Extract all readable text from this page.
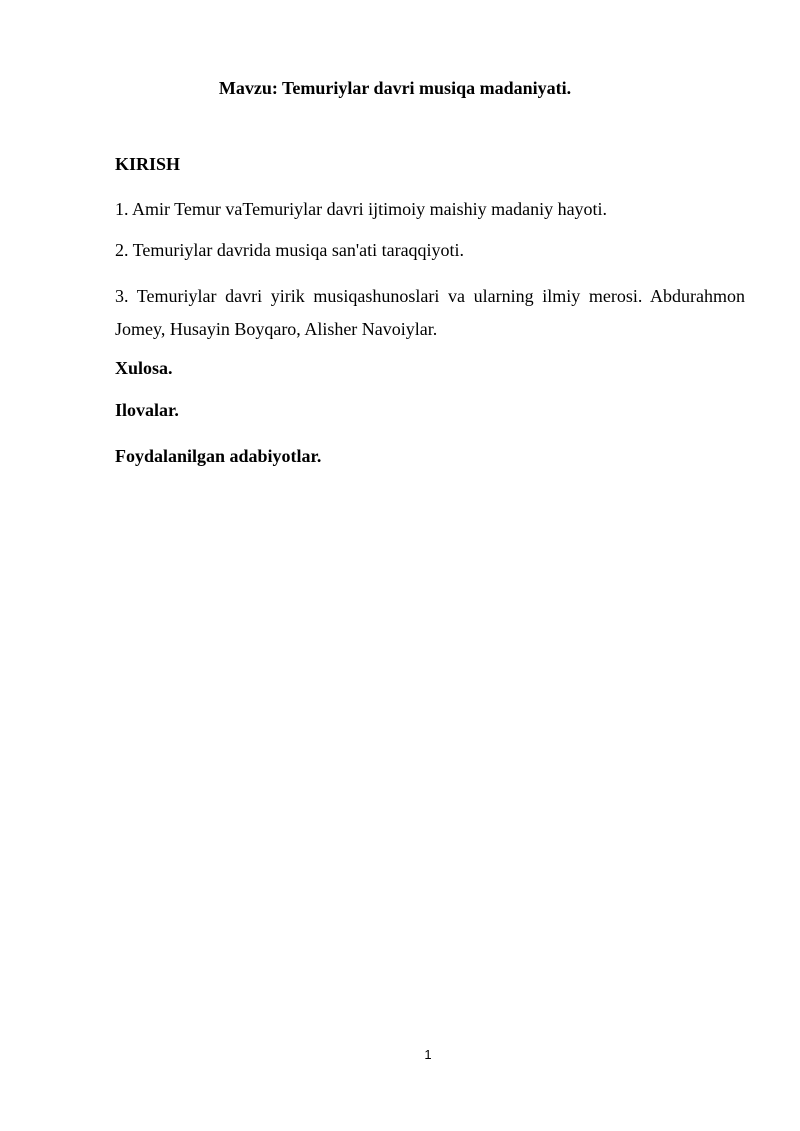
Mavzu: Temuriylar davri musiqa madaniyati.
KIRISH
1. Amir Temur vaTemuriylar davri ijtimoiy maishiy madaniy hayoti.
2. Temuriylar davrida musiqa san'ati taraqqiyoti.
3. Temuriylar davri yirik musiqashunoslari va ularning ilmiy merosi. Abdurahmon Jomey, Husayin Boyqaro, Alisher Navoiylar.
Xulosa.
Ilovalar.
Foydalanilgan adabiyotlar.
1
